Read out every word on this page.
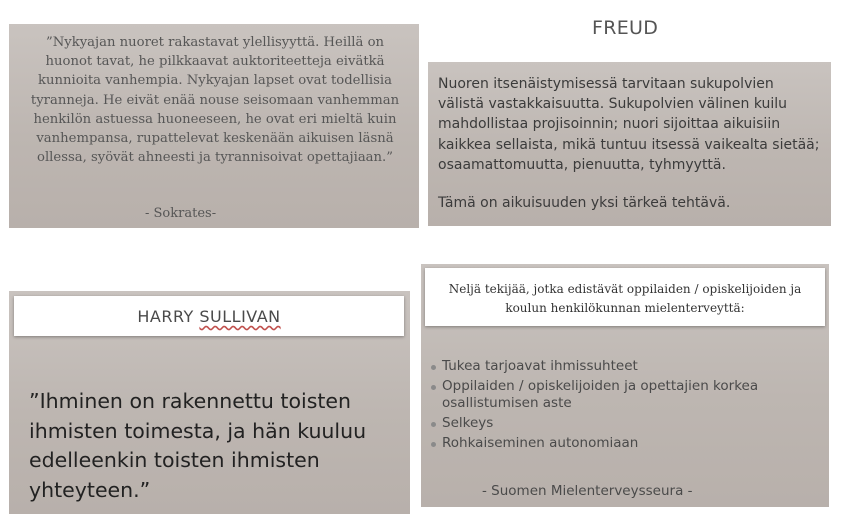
”Nykyajan nuoret rakastavat ylellisyyttä. Heillä on
huonot tavat, he pilkkaavat auktoriteetteja eivätkä
kunnioita vanhempia. Nykyajan lapset ovat todellisia
tyranneja. He eivät enää nouse seisomaan vanhemman
henkilön astuessa huoneeseen, he ovat eri mieltä kuin
vanhempansa, rupattelevat keskenään aikuisen läsnä
ollessa, syövät ahneesti ja tyrannisoivat opettajiaan.”
- Sokrates-
FREUD
Nuoren itsenäistymisessä tarvitaan sukupolvien
välistä vastakkaisuutta. Sukupolvien välinen kuilu
mahdollistaa projisoinnin; nuori sijoittaa aikuisiin
kaikkea sellaista, mikä tuntuu itsessä vaikealta sietää;
osaamattomuutta, pienuutta, tyhmyyttä.
Tämä on aikuisuuden yksi tärkeä tehtävä.
HARRY SULLIVAN
”Ihminen on rakennettu toisten
ihmisten toimesta, ja hän kuuluu
edelleenkin toisten ihmisten
yhteyteen.”
Neljä tekijää, jotka edistävät oppilaiden / opiskelijoiden ja
koulun henkilökunnan mielenterveyttä:
Tukea tarjoavat ihmissuhteet
Oppilaiden / opiskelijoiden ja opettajien korkea osallistumisen aste
Selkeys
Rohkaiseminen autonomiaan
- Suomen Mielenterveysseura -
